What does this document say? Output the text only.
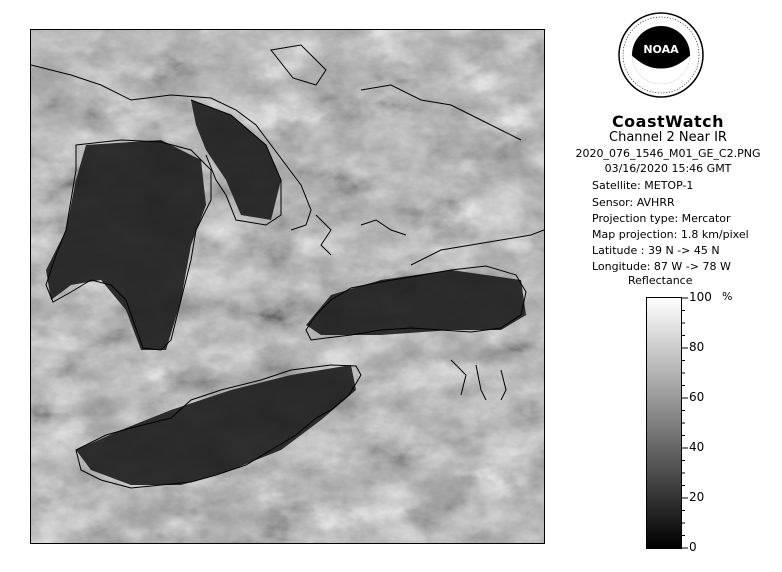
NOAA
CoastWatch
Channel 2 Near IR
2020_076_1546_M01_GE_C2.PNG
03/16/2020 15:46 GMT
Satellite: METOP-1
Sensor: AVHRR
Projection type: Mercator
Map projection: 1.8 km/pixel
Latitude : 39 N -> 45 N
Longitude: 87 W -> 78 W
Reflectance
%
100
80
60
40
20
0
